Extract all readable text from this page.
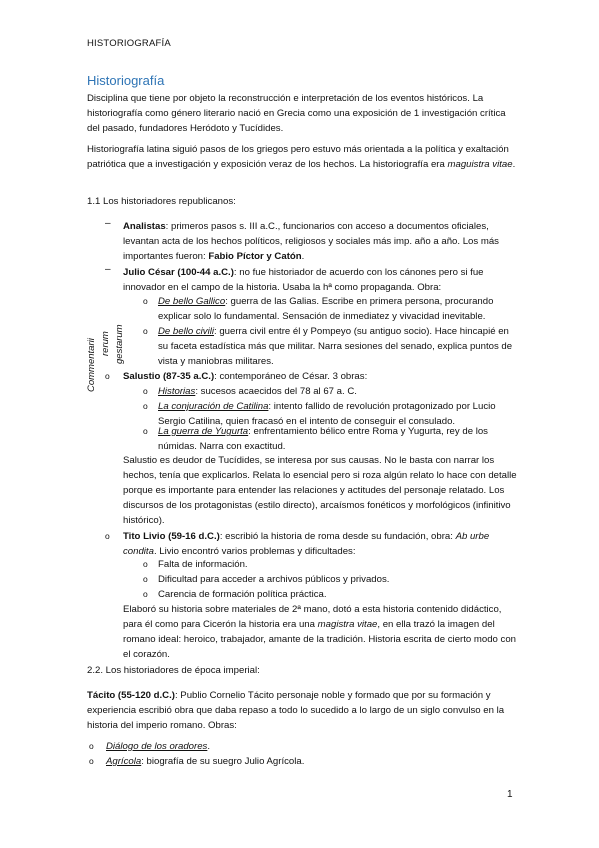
HISTORIOGRAFÍA
Historiografía
Disciplina que tiene por objeto la reconstrucción e interpretación de los eventos históricos. La historiografía como género literario nació en Grecia como una exposición de 1 investigación crítica del pasado, fundadores Heródoto y Tucídides.
Historiografía latina siguió pasos de los griegos pero estuvo más orientada a la política y exaltación patriótica que a investigación y exposición veraz de los hechos. La historiografía era maguistra vitae.
1.1 Los historiadores republicanos:
– Analistas: primeros pasos s. III a.C., funcionarios con acceso a documentos oficiales, levantan acta de los hechos políticos, religiosos y sociales más imp. año a año. Los más importantes fueron: Fabio Píctor y Catón.
– Julio César (100-44 a.C.): no fue historiador de acuerdo con los cánones pero si fue innovador en el campo de la historia. Usaba la hª como propaganda. Obra:
Commentarii rerum gestarum
o De bello Gallico: guerra de las Galias. Escribe en primera persona, procurando explicar solo lo fundamental. Sensación de inmediatez y vivacidad inevitable.
o De bello civili: guerra civil entre él y Pompeyo (su antiguo socio). Hace hincapié en su faceta estadística más que militar. Narra sesiones del senado, explica puntos de vista y maniobras militares.
o Salustio (87-35 a.C.): contemporáneo de César. 3 obras:
o Historias: sucesos acaecidos del 78 al 67 a. C.
o La conjuración de Catilina: intento fallido de revolución protagonizado por Lucio Sergio Catilina, quien fracasó en el intento de conseguir el consulado.
o La guerra de Yugurta: enfrentamiento bélico entre Roma y Yugurta, rey de los númidas. Narra con exactitud.
Salustio es deudor de Tucídides, se interesa por sus causas. No le basta con narrar los hechos, tenía que explicarlos. Relata lo esencial pero si roza algún relato lo hace con detalle porque es importante para entender las relaciones y actitudes del personaje relatado. Los discursos de los protagonistas (estilo directo), arcaísmos fonéticos y morfológicos (infinitivo histórico).
o Tito Livio (59-16 d.C.): escribió la historia de roma desde su fundación, obra: Ab urbe condita. Livio encontró varios problemas y dificultades:
o Falta de información.
o Dificultad para acceder a archivos públicos y privados.
o Carencia de formación política práctica.
Elaboró su historia sobre materiales de 2ª mano, dotó a esta historia contenido didáctico, para él como para Cicerón la historia era una magistra vitae, en ella trazó la imagen del romano ideal: heroico, trabajador, amante de la tradición. Historia escrita de cierto modo con el corazón.
2.2. Los historiadores de época imperial:
Tácito (55-120 d.C.): Publio Cornelio Tácito personaje noble y formado que por su formación y experiencia escribió obra que daba repaso a todo lo sucedido a lo largo de un siglo convulso en la historia del imperio romano. Obras:
o Diálogo de los oradores.
o Agrícola: biografía de su suegro Julio Agrícola.
1
